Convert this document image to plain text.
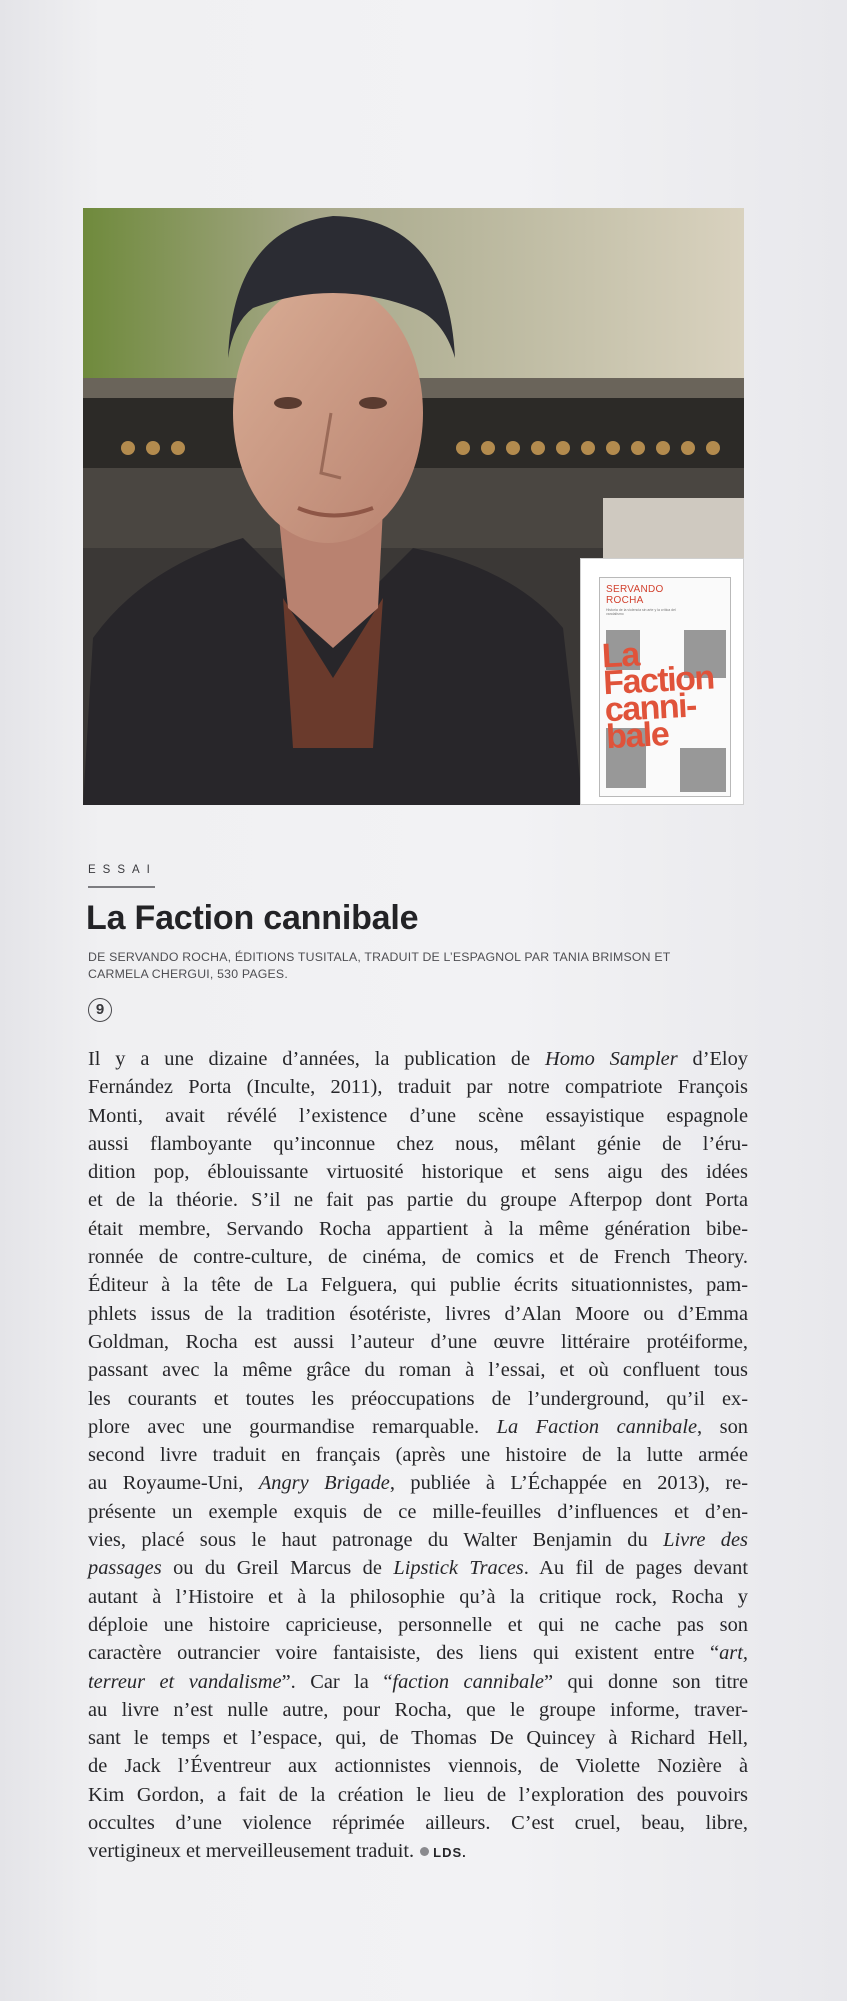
SERVANDO
ROCHA
Historia de la violencia sin arte y la crítica del vandalismo
La
Faction
canni-
bale
ESSAI
La Faction cannibale
DE SERVANDO ROCHA, ÉDITIONS TUSITALA, TRADUIT DE L’ESPAGNOL PAR TANIA BRIMSON ET CARMELA CHERGUI, 530 PAGES.
9
Il y a une dizaine d’années, la publication de Homo Sampler d’Eloy
Fernández Porta (Inculte, 2011), traduit par notre compatriote François
Monti, avait révélé l’existence d’une scène essayistique espagnole
aussi flamboyante qu’inconnue chez nous, mêlant génie de l’éru-
dition pop, éblouissante virtuosité historique et sens aigu des idées
et de la théorie. S’il ne fait pas partie du groupe Afterpop dont Porta
était membre, Servando Rocha appartient à la même génération bibe-
ronnée de contre-culture, de cinéma, de comics et de French Theory.
Éditeur à la tête de La Felguera, qui publie écrits situationnistes, pam-
phlets issus de la tradition ésotériste, livres d’Alan Moore ou d’Emma
Goldman, Rocha est aussi l’auteur d’une œuvre littéraire protéiforme,
passant avec la même grâce du roman à l’essai, et où confluent tous
les courants et toutes les préoccupations de l’underground, qu’il ex-
plore avec une gourmandise remarquable. La Faction cannibale, son
second livre traduit en français (après une histoire de la lutte armée
au Royaume-Uni, Angry Brigade, publiée à L’Échappée en 2013), re-
présente un exemple exquis de ce mille-feuilles d’influences et d’en-
vies, placé sous le haut patronage du Walter Benjamin du Livre des
passages ou du Greil Marcus de Lipstick Traces. Au fil de pages devant
autant à l’Histoire et à la philosophie qu’à la critique rock, Rocha y
déploie une histoire capricieuse, personnelle et qui ne cache pas son
caractère outrancier voire fantaisiste, des liens qui existent entre “art,
terreur et vandalisme”. Car la “faction cannibale” qui donne son titre
au livre n’est nulle autre, pour Rocha, que le groupe informe, traver-
sant le temps et l’espace, qui, de Thomas De Quincey à Richard Hell,
de Jack l’Éventreur aux actionnistes viennois, de Violette Nozière à
Kim Gordon, a fait de la création le lieu de l’exploration des pouvoirs
occultes d’une violence réprimée ailleurs. C’est cruel, beau, libre,
vertigineux et merveilleusement traduit. LDS.
